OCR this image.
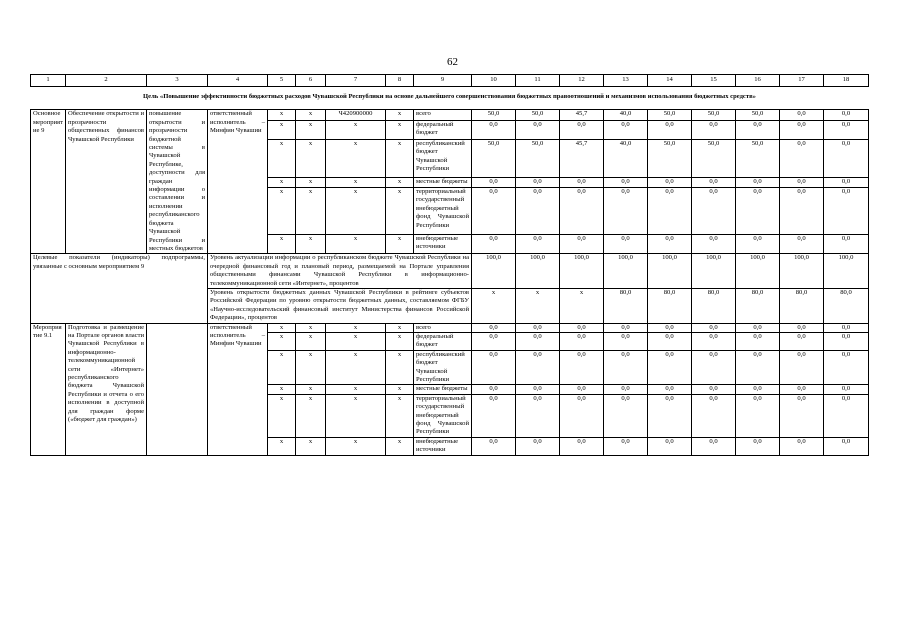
62
1	2	3	4	5	6	7	8	9	10	11	12	13	14	15	16	17	18
Цель «Повышение эффективности бюджетных расходов Чувашской Республики на основе дальнейшего совершенствования бюджетных правоотношений и механизмов использования бюджетных средств»																	
Основное мероприятие 9	Обеспечение открытости и прозрачности общественных финансов Чувашской Республики	повышение открытости и прозрачности бюджетной системы в Чувашской Республике, доступности для граждан информации о составлении и исполнении республиканского бюджета Чувашской Республики и местных бюджетов	ответственный исполнитель – Минфин Чувашии	x	x	Ч420900000	x	всего	50,0	50,0	45,7	40,0	50,0	50,0	50,0	0,0	0,0
				x	x	x	x	федеральный бюджет	0,0	0,0	0,0	0,0	0,0	0,0	0,0	0,0	0,0
				x	x	x	x	республиканский бюджет Чувашской Республики	50,0	50,0	45,7	40,0	50,0	50,0	50,0	0,0	0,0
				x	x	x	x	местные бюджеты	0,0	0,0	0,0	0,0	0,0	0,0	0,0	0,0	0,0
				x	x	x	x	территориальный государственный внебюджетный фонд Чувашской Республики	0,0	0,0	0,0	0,0	0,0	0,0	0,0	0,0	0,0
				x	x	x	x	внебюджетные источники	0,0	0,0	0,0	0,0	0,0	0,0	0,0	0,0	0,0
Целевые показатели (индикаторы) подпрограммы, увязанные с основным мероприятием 9			Уровень актуализации информации о республиканском бюджете Чувашской Республики на очередной финансовый год и плановый период, размещаемой на Портале управления общественными финансами Чувашской Республики в информационно-телекоммуникационной сети «Интернет», процентов						100,0	100,0	100,0	100,0	100,0	100,0	100,0	100,0	100,0
			Уровень открытости бюджетных данных Чувашской Республики в рейтинге субъектов Российской Федерации по уровню открытости бюджетных данных, составляемом ФГБУ «Научно-исследовательский финансовый институт Министерства финансов Российской Федерации», процентов						x	x	x	80,0	80,0	80,0	80,0	80,0	80,0
Мероприятие 9.1	Подготовка и размещение на Портале органов власти Чувашской Республики в информационно-телекоммуникационной сети «Интернет» республиканского бюджета Чувашской Республики и отчета о его исполнении в доступной для граждан форме («бюджет для граждан»)		ответственный исполнитель – Минфин Чувашии	x	x	x	x	всего	0,0	0,0	0,0	0,0	0,0	0,0	0,0	0,0	0,0
				x	x	x	x	федеральный бюджет	0,0	0,0	0,0	0,0	0,0	0,0	0,0	0,0	0,0
				x	x	x	x	республиканский бюджет Чувашской Республики	0,0	0,0	0,0	0,0	0,0	0,0	0,0	0,0	0,0
				x	x	x	x	местные бюджеты	0,0	0,0	0,0	0,0	0,0	0,0	0,0	0,0	0,0
				x	x	x	x	территориальный государственный внебюджетный фонд Чувашской Республики	0,0	0,0	0,0	0,0	0,0	0,0	0,0	0,0	0,0
				x	x	x	x	внебюджетные источники	0,0	0,0	0,0	0,0	0,0	0,0	0,0	0,0	0,0
